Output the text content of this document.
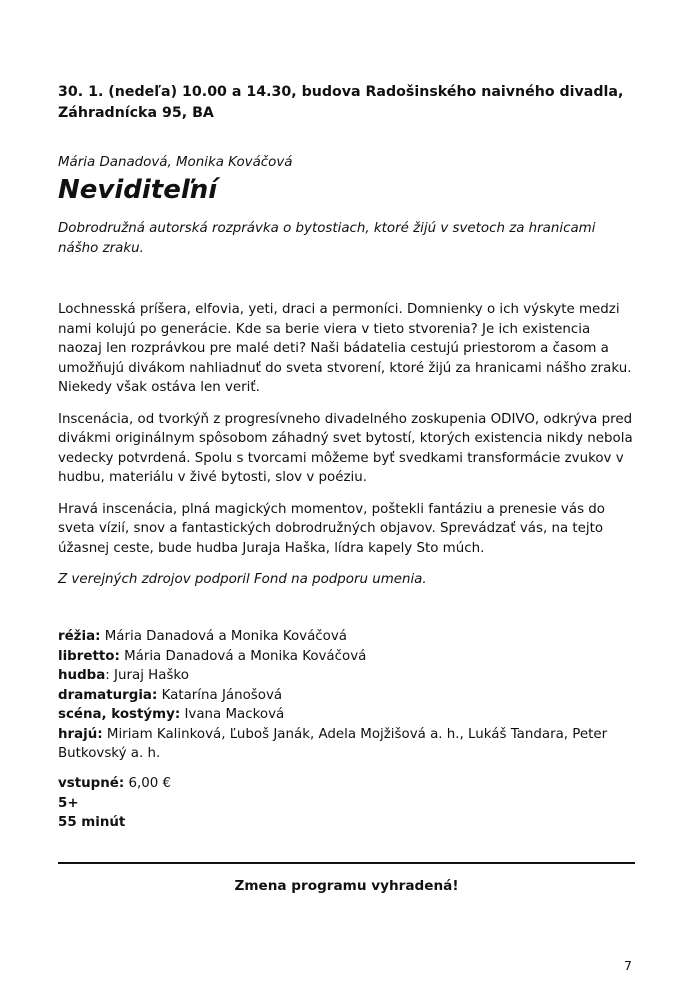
30. 1. (nedeľa) 10.00 a 14.30, budova Radošinského naivného divadla, Záhradnícka 95, BA
Mária Danadová, Monika Kováčová
Neviditeľní
Dobrodružná autorská rozprávka o bytostiach, ktoré žijú v svetoch za hranicami nášho zraku.

Lochnesská príšera, elfovia, yeti, draci a permoníci. Domnienky o ich výskyte medzi nami kolujú po generácie. Kde sa berie viera v tieto stvorenia? Je ich existencia naozaj len rozprávkou pre malé deti? Naši bádatelia cestujú priestorom a časom a umožňujú divákom nahliadnuť do sveta stvorení, ktoré žijú za hranicami nášho zraku. Niekedy však ostáva len veriť.

Inscenácia, od tvorkýň z progresívneho divadelného zoskupenia ODIVO, odkrýva pred divákmi originálnym spôsobom záhadný svet bytostí, ktorých existencia nikdy nebola vedecky potvrdená. Spolu s tvorcami môžeme byť svedkami transformácie zvukov v hudbu, materiálu v živé bytosti, slov v poéziu.

Hravá inscenácia, plná magických momentov, poštekli fantáziu a prenesie vás do sveta vízií, snov a fantastických dobrodružných objavov. Sprevádzať vás, na tejto úžasnej ceste, bude hudba Juraja Haška, lídra kapely Sto múch.

Z verejných zdrojov podporil Fond na podporu umenia.

réžia: Mária Danadová a Monika Kováčová
libretto: Mária Danadová a Monika Kováčová
hudba: Juraj Haško
dramaturgia: Katarína Jánošová
scéna, kostýmy: Ivana Macková
hrajú: Miriam Kalinková, Ľuboš Janák, Adela Mojžišová a. h., Lukáš Tandara, Peter Butkovský a. h.
vstupné: 6,00 €
5+
55 minút
Zmena programu vyhradená!
7
